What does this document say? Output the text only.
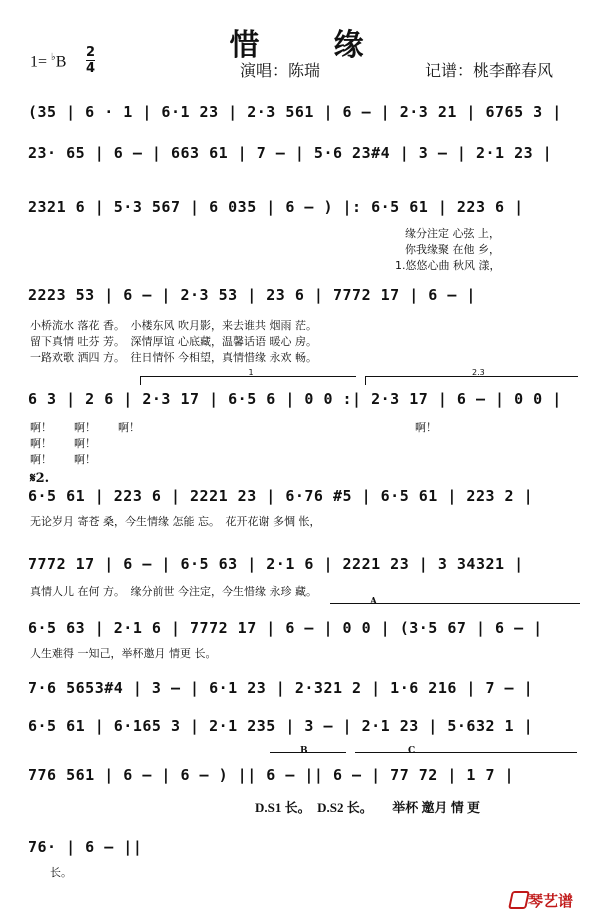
惜　缘
1= ♭B
2
4	演唱：陈瑞	记谱：桃李醉春风
(35 | 6 · 1 | 6·1 23 | 2·3 561 | 6 – | 2·3 21 | 6765 3 |
23· 65 | 6 – | 663 61 | 7 – | 5·6 23#4 | 3 – | 2·1 23 |
2321 6 | 5·3 567 | 6 035 | 6 – ) |: 6·5 61 | 223 6 |
缘分注定 心弦 上，
你我缘聚 在他 乡，
1.悠悠心曲 秋风 漾，
2223 53 | 6 – | 2·3 53 | 23 6 | 7772 17 | 6 – |
小桥流水 落花 香。　小楼东风 吹月影，来去谁共 烟雨 茫。
留下真情 吐芬 芳。　深情厚谊 心底藏，温馨话语 暖心 房。
一路欢歌 洒四 方。　往日情怀 今相望，真情惜缘 永欢 畅。
1	2.3
6 3 | 2 6 | 2·3 17 | 6·5 6 | 0 0 :| 2·3 17 | 6 – | 0 0 |
啊！　　啊！　　啊！　　　　　　　　　　　　　　　　　　　　　　　　　啊！
啊！　　啊！
啊！　　啊！
𝄋2.
6·5 61 | 223 6 | 2221 23 | 6·76 #5 | 6·5 61 | 223 2 |
无论岁月 寄苍 桑，今生情缘 怎能 忘。　花开花谢 多惆 怅，
7772 17 | 6 – | 6·5 63 | 2·1 6 | 2221 23 | 3 34321 |
真情人儿 在何 方。　缘分前世 今注定，今生惜缘 永珍 藏。
A
6·5 63 | 2·1 6 | 7772 17 | 6 – | 0 0 | (3·5 67 | 6 – |
人生难得 一知己，举杯邀月 情更 长。
7·6 5653#4 | 3 – | 6·1 23 | 2·321 2 | 1·6 216 | 7 – |
6·5 61 | 6·165 3 | 2·1 235 | 3 – | 2·1 23 | 5·632 1 |
B	C
776 561 | 6 – | 6 – ) || 6 – || 6 – | 77 72 | 1 7 |
D.S1 长。　D.S2 长。　　举杯 邀月 情 更
76· | 6 – ||
长。
琴艺谱
